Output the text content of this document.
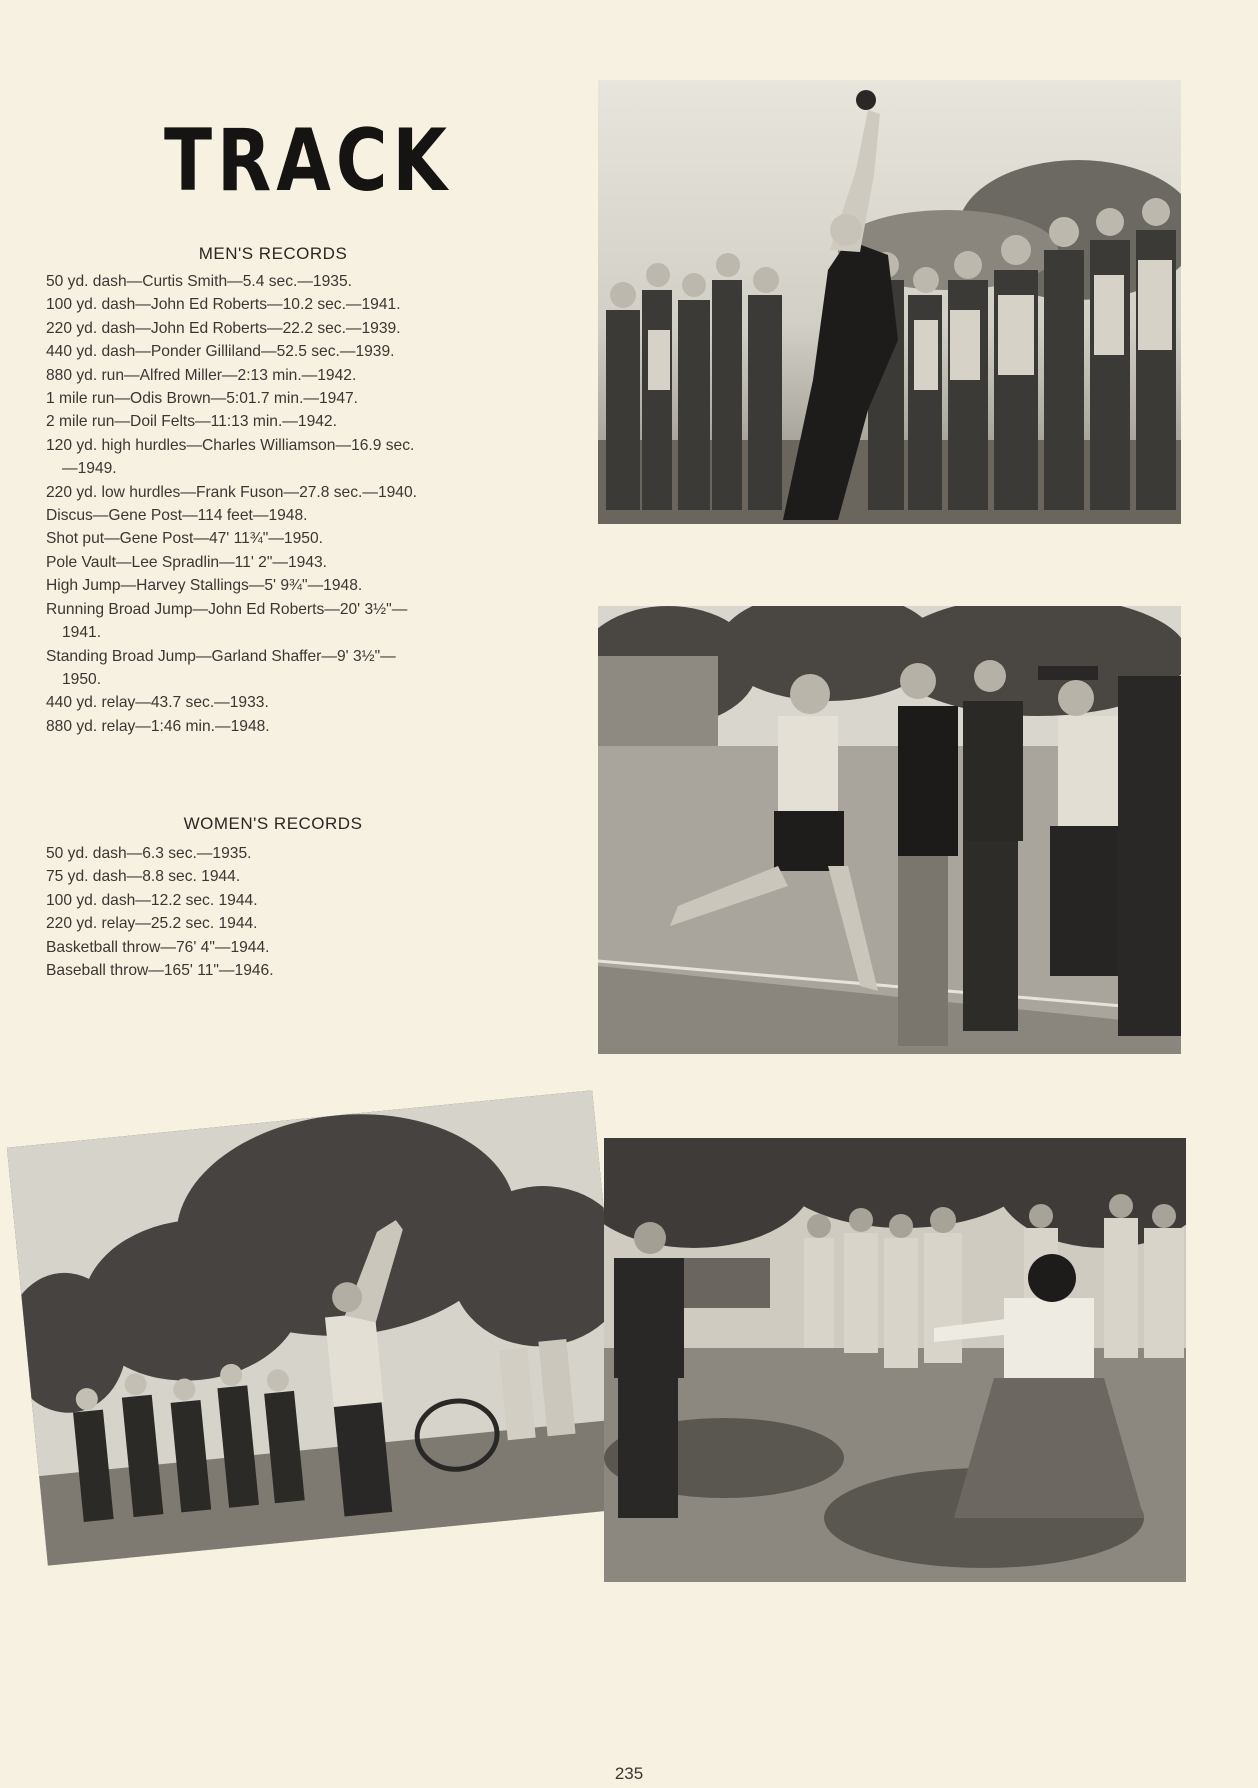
TRACK
MEN'S RECORDS
50 yd. dash—Curtis Smith—5.4 sec.—1935.
100 yd. dash—John Ed Roberts—10.2 sec.—1941.
220 yd. dash—John Ed Roberts—22.2 sec.—1939.
440 yd. dash—Ponder Gilliland—52.5 sec.—1939.
880 yd. run—Alfred Miller—2:13 min.—1942.
1 mile run—Odis Brown—5:01.7 min.—1947.
2 mile run—Doil Felts—11:13 min.—1942.
120 yd. high hurdles—Charles Williamson—16.9 sec.
—1949.
220 yd. low hurdles—Frank Fuson—27.8 sec.—1940.
Discus—Gene Post—114 feet—1948.
Shot put—Gene Post—47' 11¾"—1950.
Pole Vault—Lee Spradlin—11' 2"—1943.
High Jump—Harvey Stallings—5' 9¾"—1948.
Running Broad Jump—John Ed Roberts—20' 3½"—
1941.
Standing Broad Jump—Garland Shaffer—9' 3½"—
1950.
440 yd. relay—43.7 sec.—1933.
880 yd. relay—1:46 min.—1948.
WOMEN'S RECORDS
50 yd. dash—6.3 sec.—1935.
75 yd. dash—8.8 sec. 1944.
100 yd. dash—12.2 sec. 1944.
220 yd. relay—25.2 sec. 1944.
Basketball throw—76' 4"—1944.
Baseball throw—165' 11"—1946.
235
